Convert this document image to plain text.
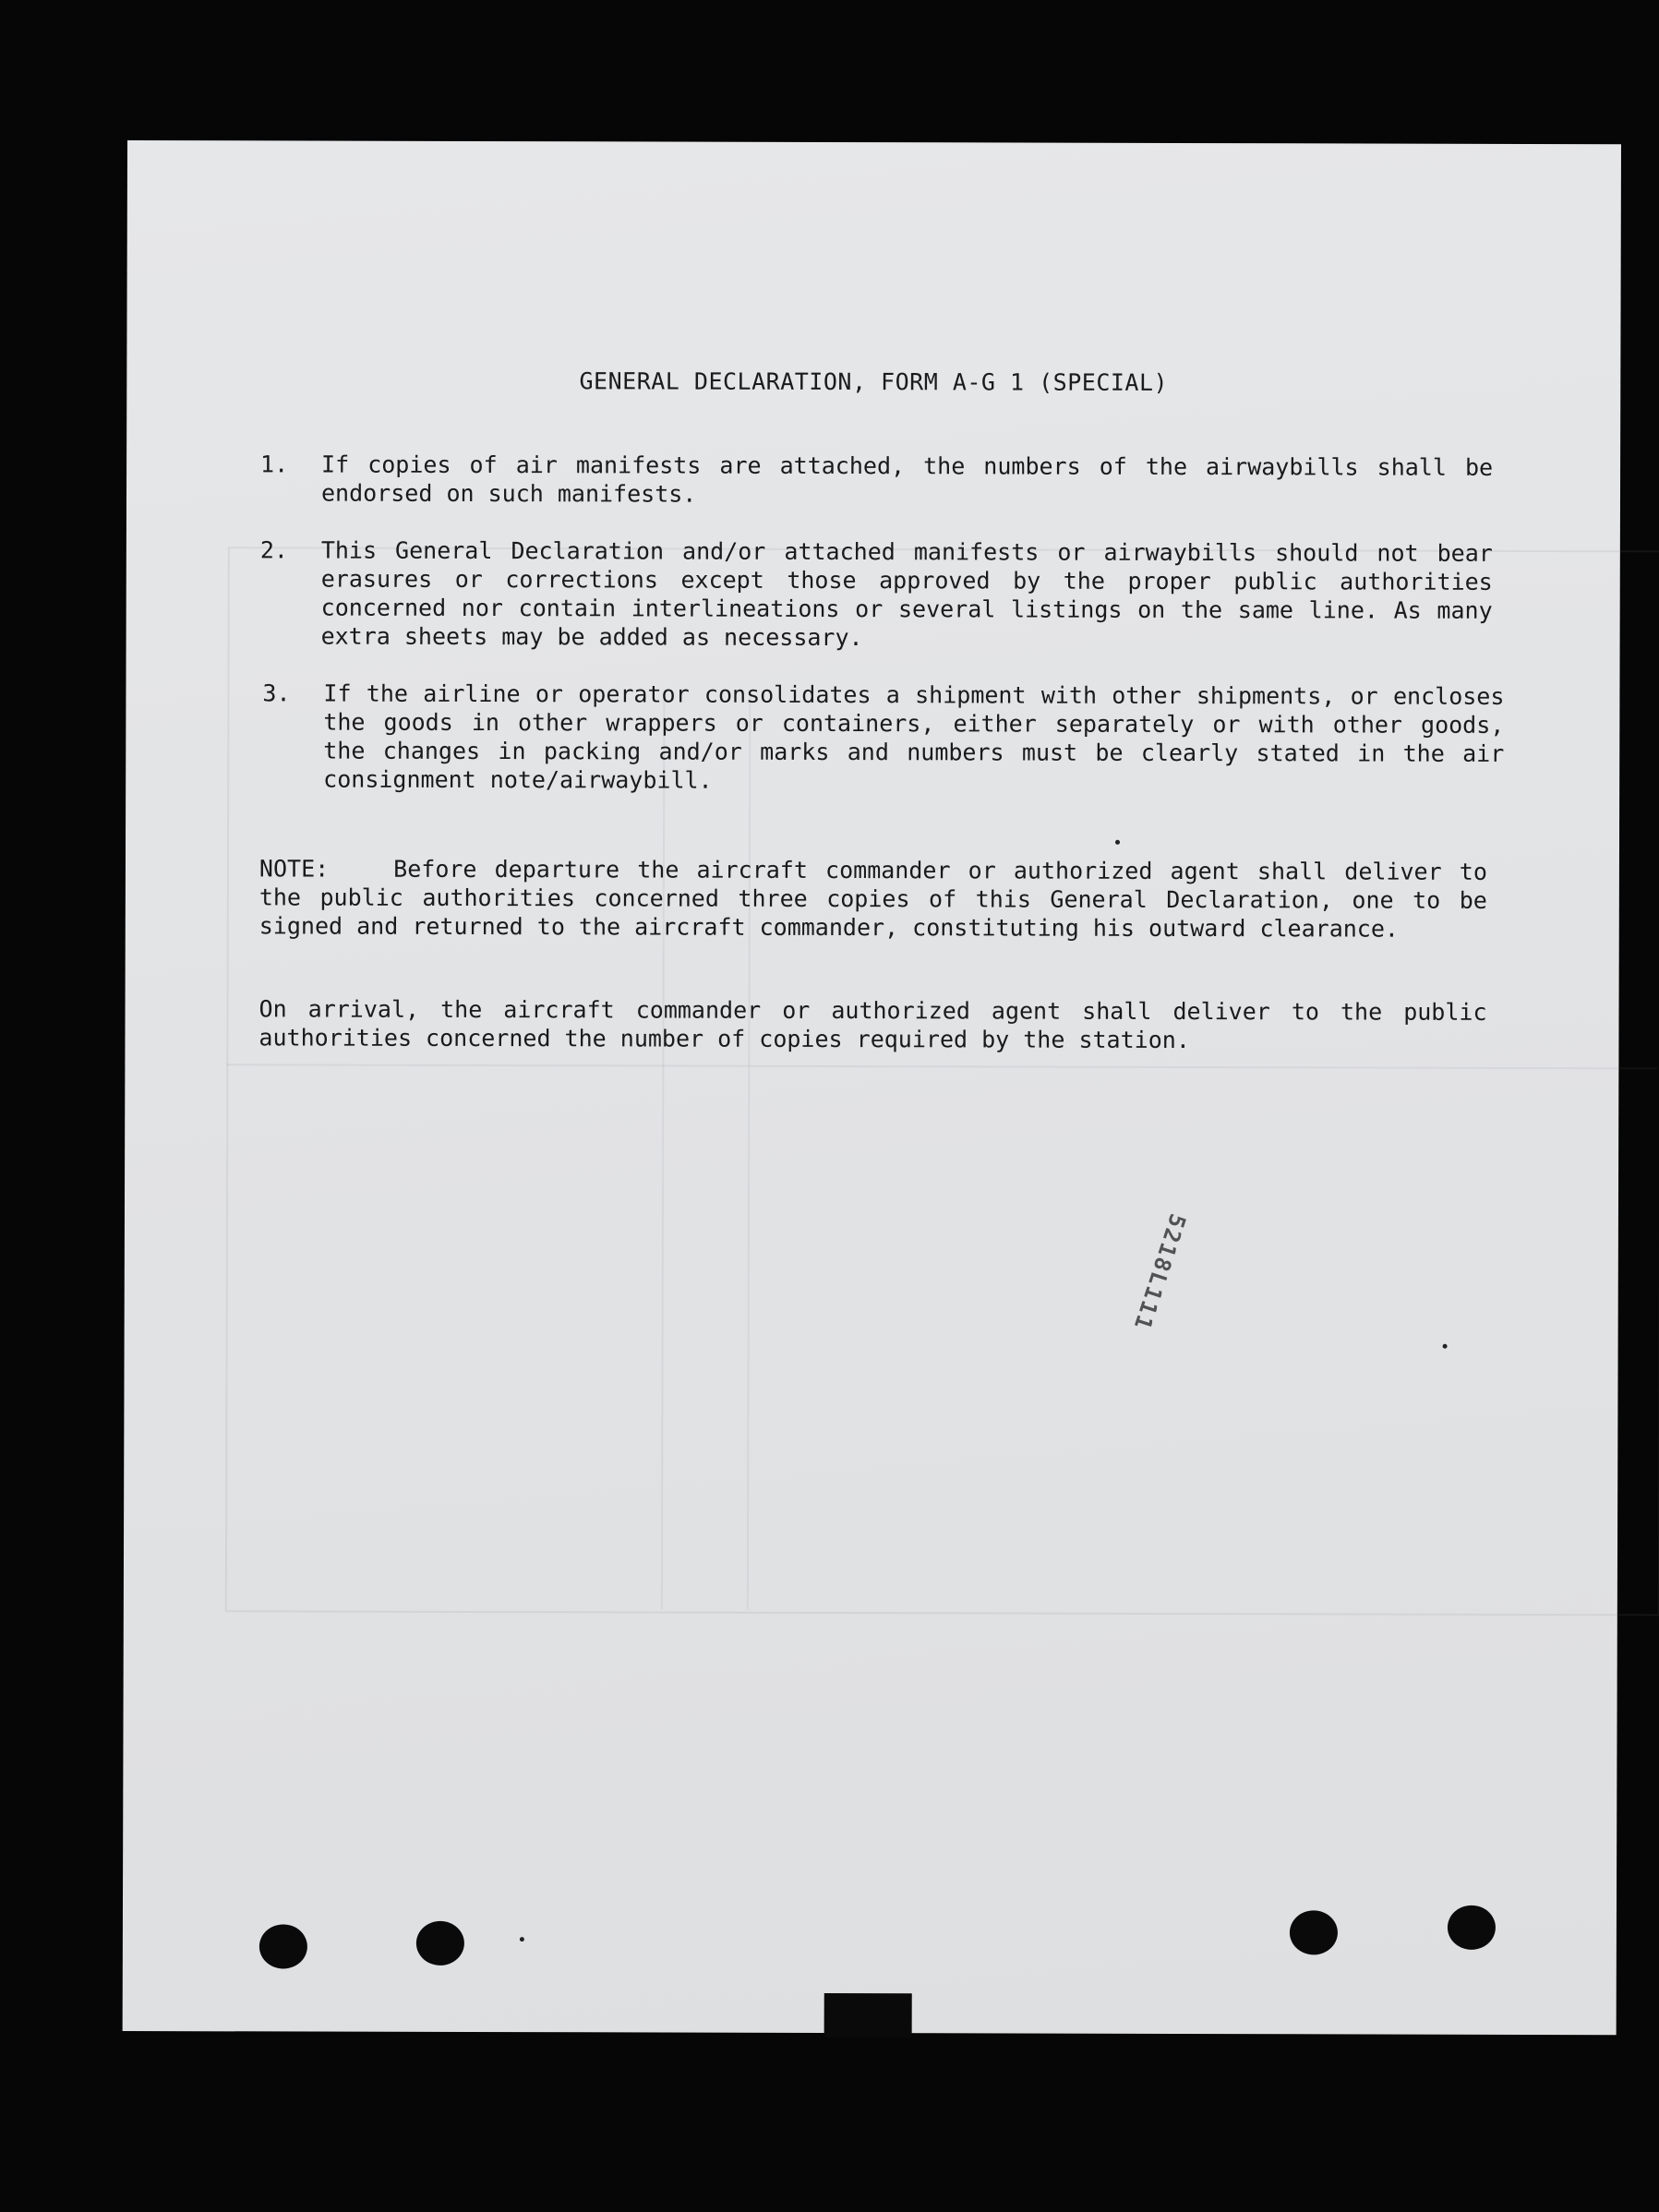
GENERAL DECLARATION, FORM A-G 1 (SPECIAL)
1. If copies of air manifests are attached, the numbers of the airwaybills shall be endorsed on such manifests.
2. This General Declaration and/or attached manifests or airwaybills should not bear erasures or corrections except those approved by the proper public authorities concerned nor contain interlineations or several listings on the same line. As many extra sheets may be added as necessary.
3. If the airline or operator consolidates a shipment with other shipments, or encloses the goods in other wrappers or containers, either separately or with other goods, the changes in packing and/or marks and numbers must be clearly stated in the air consignment note/airwaybill.
NOTE:	Before departure the aircraft commander or authorized agent shall deliver to the public authorities concerned three copies of this General Declaration, one to be signed and returned to the aircraft commander, constituting his outward clearance.
On arrival, the aircraft commander or authorized agent shall deliver to the public authorities concerned the number of copies required by the station.
5218L111
